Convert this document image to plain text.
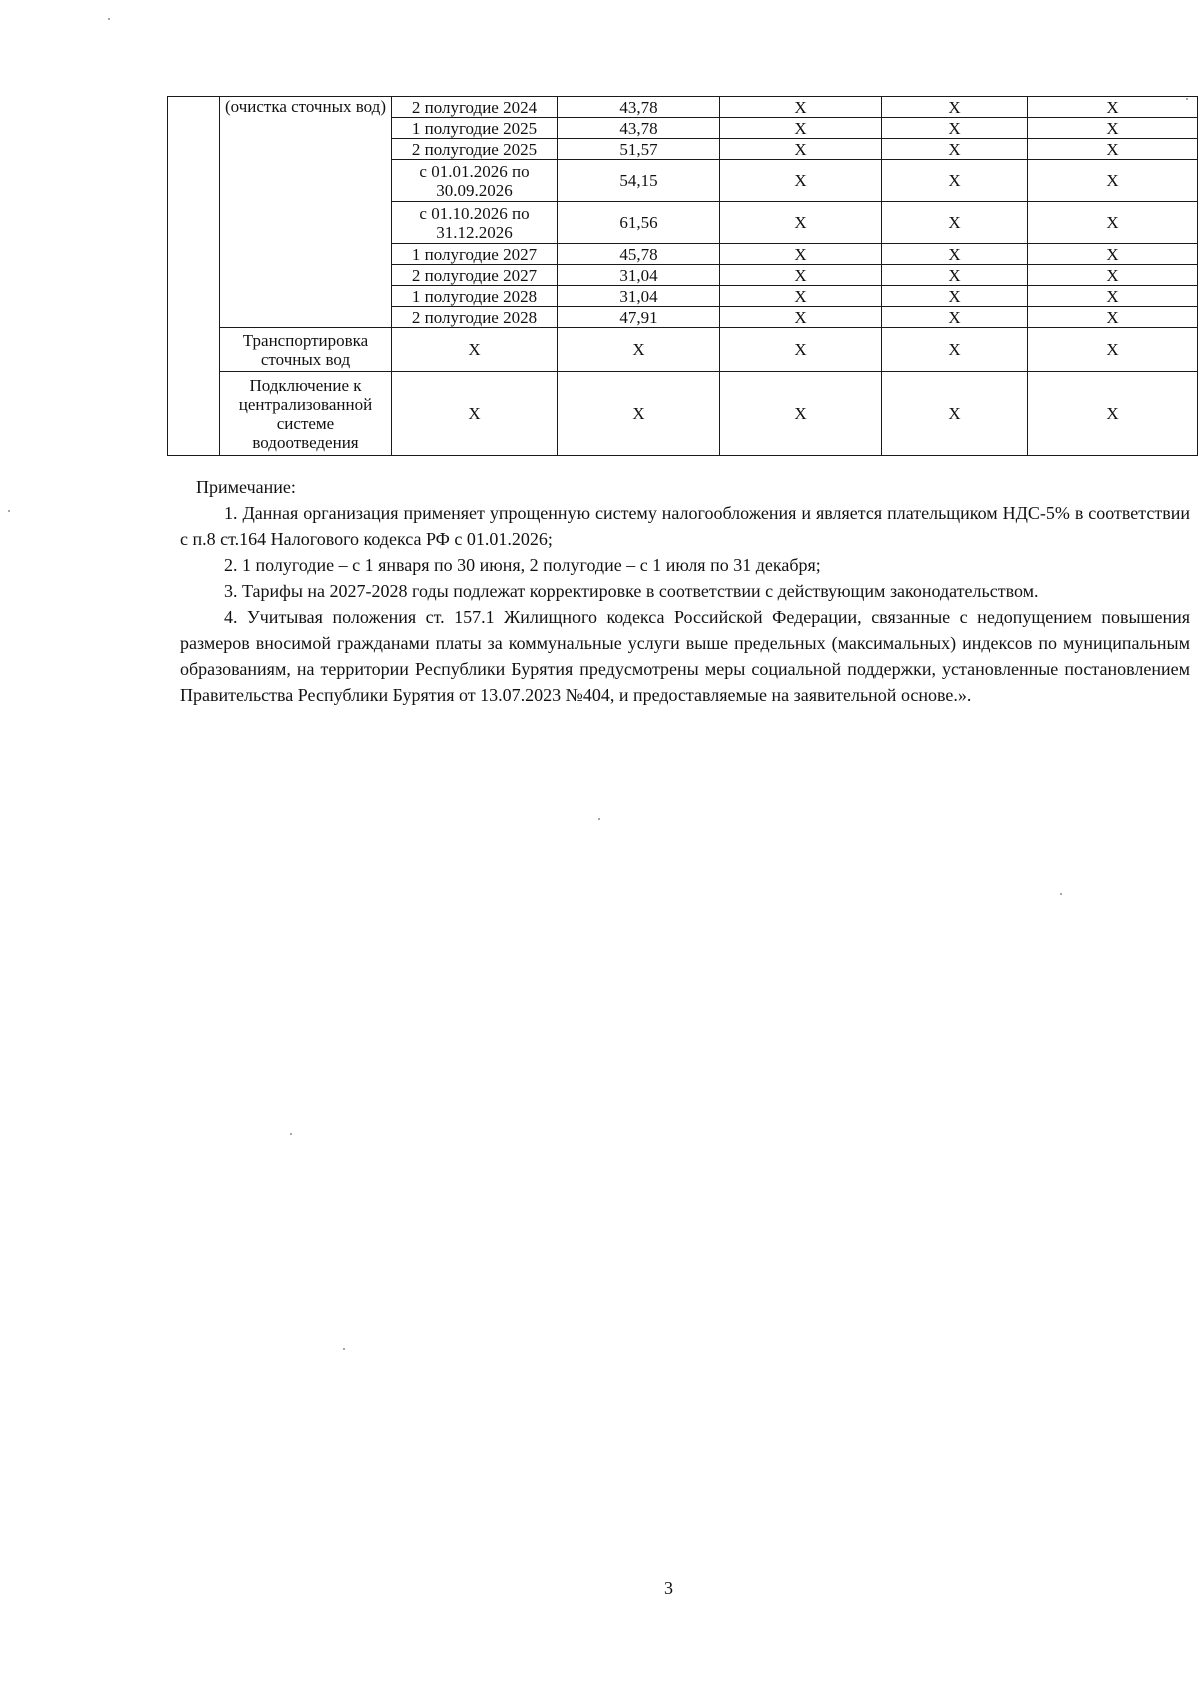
	(очистка сточных вод)	2 полугодие 2024	43,78	X	X	X
		1 полугодие 2025	43,78	X	X	X
		2 полугодие 2025	51,57	X	X	X
		с 01.01.2026 по 30.09.2026	54,15	X	X	X
		с 01.10.2026 по 31.12.2026	61,56	X	X	X
		1 полугодие 2027	45,78	X	X	X
		2 полугодие 2027	31,04	X	X	X
		1 полугодие 2028	31,04	X	X	X
		2 полугодие 2028	47,91	X	X	X
	Транспортировка сточных вод	X	X	X	X	X
	Подключение к централизованной системе водоотведения	X	X	X	X	X
Примечание:

1. Данная организация применяет упрощенную систему налогообложения и является плательщиком НДС-5% в соответствии с п.8 ст.164 Налогового кодекса РФ с 01.01.2026;

2. 1 полугодие – с 1 января по 30 июня, 2 полугодие – с 1 июля по 31 декабря;

3. Тарифы на 2027-2028 годы подлежат корректировке в соответствии с действующим законодательством.

4. Учитывая положения ст. 157.1 Жилищного кодекса Российской Федерации, связанные с недопущением повышения размеров вносимой гражданами платы за коммунальные услуги выше предельных (максимальных) индексов по муниципальным образованиям, на территории Республики Бурятия предусмотрены меры социальной поддержки, установленные постановлением Правительства Республики Бурятия от 13.07.2023 №404, и предоставляемые на заявительной основе.».

3
